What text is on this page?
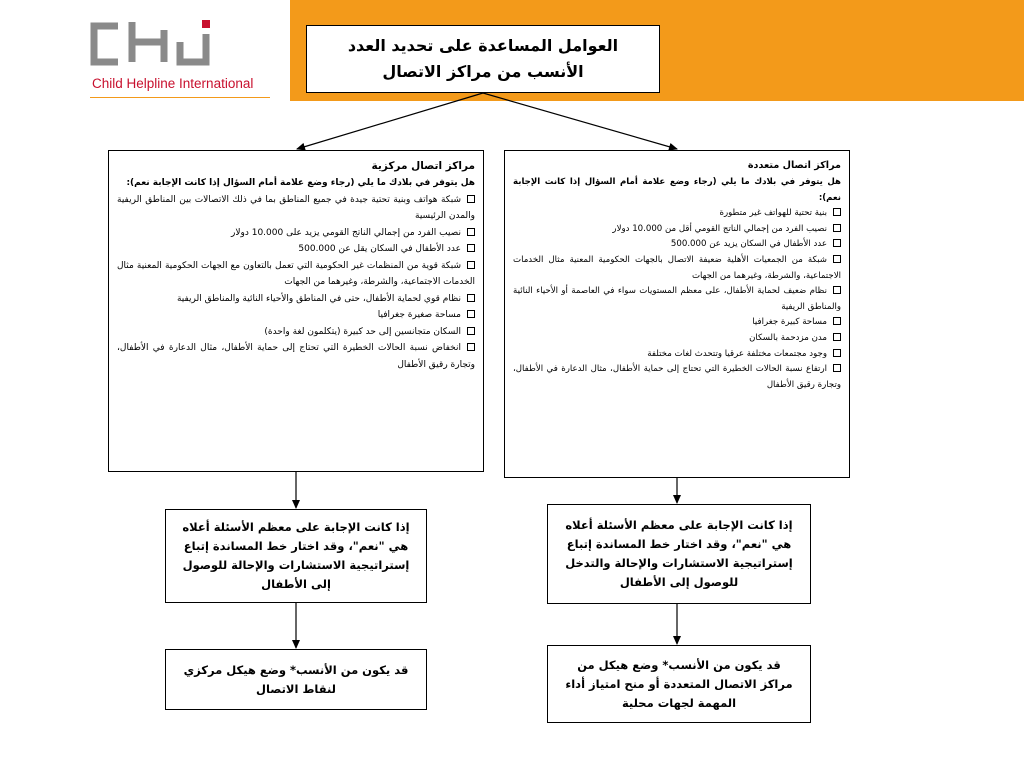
Child Helpline International
العوامل المساعدة على تحديد العدد الأنسب من مراكز الاتصال
مراكز اتصال مركزية
هل يتوفر في بلادك ما يلي (رجاء وضع علامة أمام السؤال إذا كانت الإجابة نعم):
شبكة هواتف وبنية تحتية جيدة في جميع المناطق بما في ذلك الاتصالات بين المناطق الريفية والمدن الرئيسية
نصيب الفرد من إجمالي الناتج القومي يزيد على 10.000 دولار
عدد الأطفال في السكان يقل عن 500.000
شبكة قوية من المنظمات غير الحكومية التي تعمل بالتعاون مع الجهات الحكومية المعنية مثال الخدمات الاجتماعية، والشرطة، وغيرهما من الجهات
نظام قوي لحماية الأطفال، حتى في المناطق والأحياء النائية والمناطق الريفية
مساحة صغيرة جغرافيا
السكان متجانسين إلى حد كبيرة (يتكلمون لغة واحدة)
انخفاض نسبة الحالات الخطيرة التي تحتاج إلى حماية الأطفال، مثال الدعارة في الأطفال، وتجارة رقيق الأطفال
مراكز اتصال متعددة
هل يتوفر في بلادك ما يلي (رجاء وضع علامة أمام السؤال إذا كانت الإجابة نعم):
بنية تحتية للهواتف غير متطورة
نصيب الفرد من إجمالي الناتج القومي أقل من 10.000 دولار
عدد الأطفال في السكان يزيد عن 500.000
شبكة من الجمعيات الأهلية ضعيفة الاتصال بالجهات الحكومية المعنية مثال الخدمات الاجتماعية، والشرطة، وغيرهما من الجهات
نظام ضعيف لحماية الأطفال، على معظم المستويات سواء في العاصمة أو الأحياء النائية والمناطق الريفية
مساحة كبيرة جغرافيا
مدن مزدحمة بالسكان
وجود مجتمعات مختلفة عرقيا وتتحدث لغات مختلفة
ارتفاع نسبة الحالات الخطيرة التي تحتاج إلى حماية الأطفال، مثال الدعارة في الأطفال، وتجارة رقيق الأطفال
إذا كانت الإجابة على معظم الأسئلة أعلاه هي "نعم"، وقد اختار خط المساندة إتباع إستراتيجية الاستشارات والإحالة للوصول إلى الأطفال
إذا كانت الإجابة على معظم الأسئلة أعلاه هي "نعم"، وقد اختار خط المساندة إتباع إستراتيجية الاستشارات والإحالة والتدخل للوصول إلى الأطفال
قد يكون من الأنسب* وضع هيكل مركزي لنقاط الاتصال
قد يكون من الأنسب* وضع هيكل من مراكز الاتصال المتعددة أو منح امتياز أداء المهمة لجهات محلية
